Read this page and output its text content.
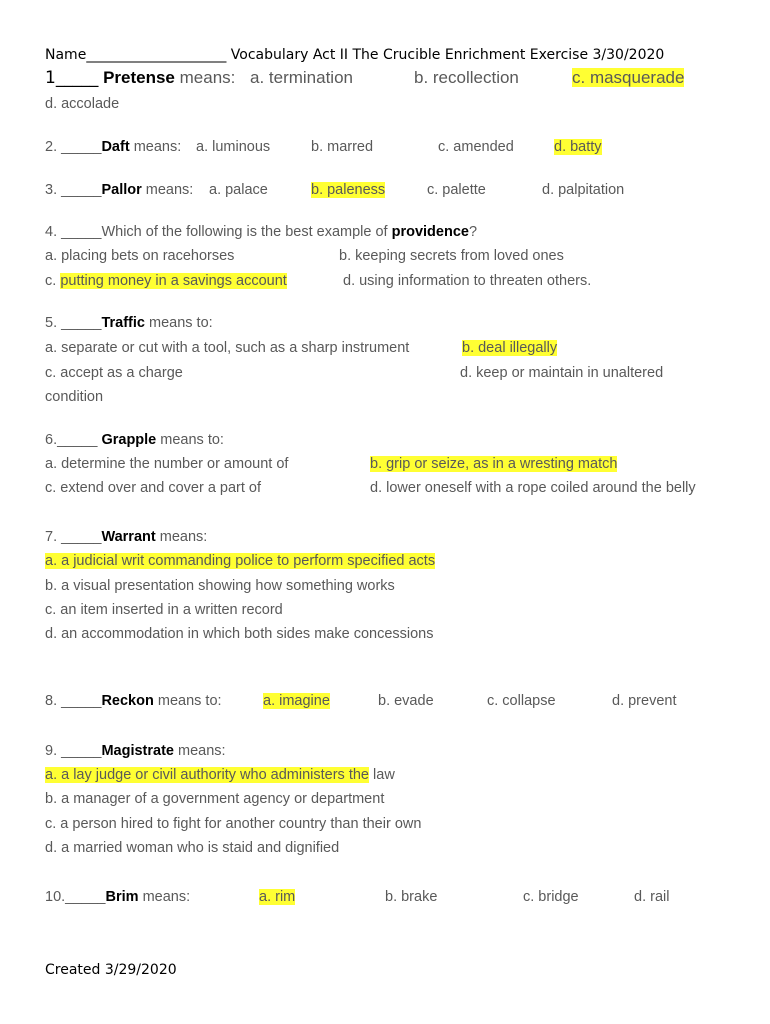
Name____________________ Vocabulary Act II The Crucible Enrichment Exercise 3/30/2020
1_____ Pretense means: a. termination	b. recollection	c. masquerade
d. accolade
2. _____Daft means: a. luminous	b. marred	c. amended	d. batty
3. _____Pallor means: a. palace	b. paleness	c. palette	d. palpitation
4. _____Which of the following is the best example of providence?
a. placing bets on racehorses	b. keeping secrets from loved ones
c. putting money in a savings account	d. using information to threaten others.
5. _____Traffic means to:
a. separate or cut with a tool, such as a sharp instrument	b. deal illegally
c. accept as a charge	d. keep or maintain in unaltered
condition
6._____ Grapple means to:
a. determine the number or amount of	b. grip or seize, as in a wresting match
c. extend over and cover a part of	d. lower oneself with a rope coiled around the belly
7. _____Warrant means:
a. a judicial writ commanding police to perform specified acts
b. a visual presentation showing how something works
c. an item inserted in a written record
d. an accommodation in which both sides make concessions
8. _____Reckon means to:	a. imagine	b. evade	c. collapse	d. prevent
9. _____Magistrate means:
a. a lay judge or civil authority who administers the law
b. a manager of a government agency or department
c. a person hired to fight for another country than their own
d. a married woman who is staid and dignified
10._____Brim means:	a. rim	b. brake	c. bridge	d. rail
Created 3/29/2020
